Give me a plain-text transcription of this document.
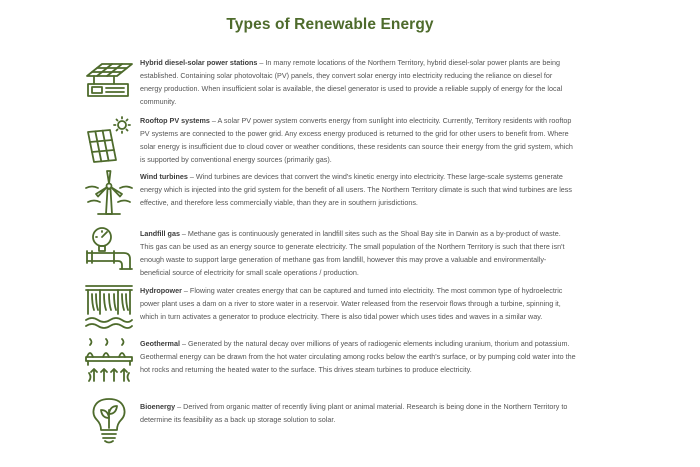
Types of Renewable Energy
Hybrid diesel-solar power stations – In many remote locations of the Northern Territory, hybrid diesel-solar power plants are being established. Containing solar photovoltaic (PV) panels, they convert solar energy into electricity reducing the reliance on diesel for energy production. When insufficient solar is available, the diesel generator is used to provide a reliable supply of energy for the local community.
Rooftop PV systems – A solar PV power system converts energy from sunlight into electricity. Currently, Territory residents with rooftop PV systems are connected to the power grid. Any excess energy produced is returned to the grid for other users to benefit from. Where solar energy is insufficient due to cloud cover or weather conditions, these residents can source their energy from the grid system, which is supported by conventional energy sources (primarily gas).
Wind turbines – Wind turbines are devices that convert the wind's kinetic energy into electricity. These large-scale systems generate energy which is injected into the grid system for the benefit of all users. The Northern Territory climate is such that wind turbines are less effective, and therefore less commercially viable, than they are in southern jurisdictions.
Landfill gas – Methane gas is continuously generated in landfill sites such as the Shoal Bay site in Darwin as a by-product of waste. This gas can be used as an energy source to generate electricity. The small population of the Northern Territory is such that there isn't enough waste to support large generation of methane gas from landfill, however this may prove a valuable and environmentally-beneficial source of electricity for small scale operations / production.
Hydropower – Flowing water creates energy that can be captured and turned into electricity. The most common type of hydroelectric power plant uses a dam on a river to store water in a reservoir. Water released from the reservoir flows through a turbine, spinning it, which in turn activates a generator to produce electricity. There is also tidal power which uses tides and waves in a similar way.
Geothermal – Generated by the natural decay over millions of years of radiogenic elements including uranium, thorium and potassium. Geothermal energy can be drawn from the hot water circulating among rocks below the earth's surface, or by pumping cold water into the hot rocks and returning the heated water to the surface. This drives steam turbines to produce electricity.
Bioenergy – Derived from organic matter of recently living plant or animal material. Research is being done in the Northern Territory to determine its feasibility as a back up storage solution to solar.
